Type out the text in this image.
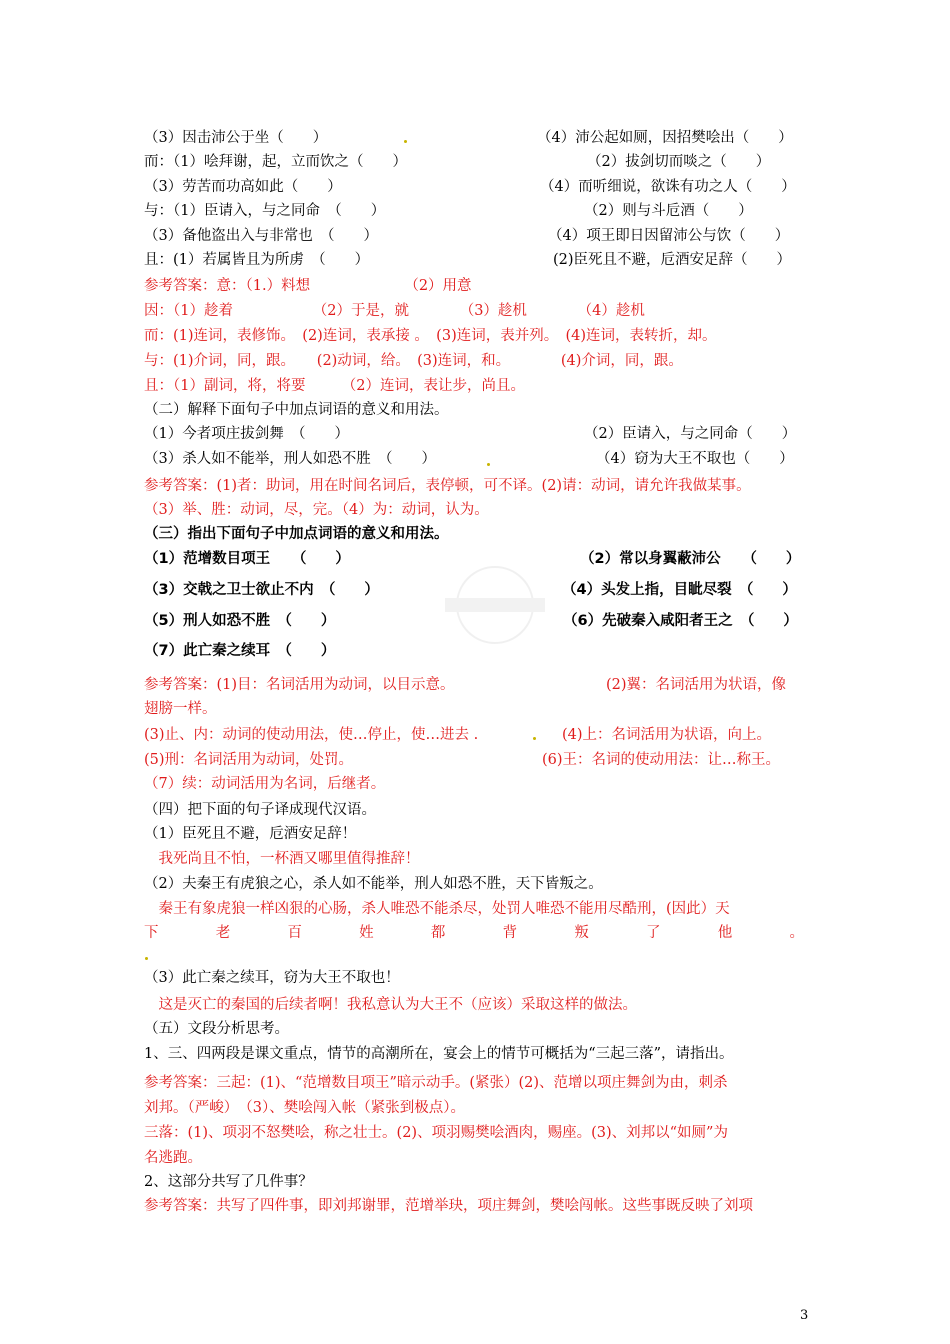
（3）因击沛公于坐（　　）	（4）沛公起如厕，因招樊哙出（　　）
而：（1）哙拜谢，起，立而饮之（　　）	（2）拔剑切而啖之（　　）
（3）劳苦而功高如此（　　）	（4）而听细说，欲诛有功之人（　　）
与：（1）臣请入，与之同命　（　　）	（2）则与斗卮酒（　　）
（3）备他盗出入与非常也　（　　）	（4）项王即日因留沛公与饮（　　）
且：(1）若属皆且为所虏　（　　）	(2)臣死且不避，卮酒安足辞（　　）
参考答案：意：（1.）料想　　　　　　　（2）用意
因：（1）趁着　　　　　　（2）于是，就　　　　（3）趁机　　　　（4）趁机
而：(1)连词，表修饰。　(2)连词，表承接 。　(3)连词，表并列。　(4)连词，表转折，却。
与：(1)介词，同，跟。　　(2)动词，给。　(3)连词，和。　　　　(4)介词，同，跟。
且：（1）副词，将，将要　　　（2）连词，表让步，尚且。
（二）解释下面句子中加点词语的意义和用法。
（1）今者项庄拔剑舞　（　　）	（2）臣请入，与之同命（　　）
（3）杀人如不能举，刑人如恐不胜　（　　）	（4）窃为大王不取也（　　）
参考答案：(1)者：助词，用在时间名词后，表停顿，可不译。(2)请：动词，请允许我做某事。
（3）举、胜：动词，尽，完。（4）为：动词，认为。
（三）指出下面句子中加点词语的意义和用法。
（1）范增数目项王　　（　　）	（2）常以身翼蔽沛公　　（　　）
（3）交戟之卫士欲止不内　（　　）	（4）头发上指，目眦尽裂　（　　）
（5）刑人如恐不胜　（　　）	（6）先破秦入咸阳者王之　（　　）
（7）此亡秦之续耳　（　　）
参考答案：(1)目：名词活用为动词，以目示意。	(2)翼：名词活用为状语，像
翅膀一样。
(3)止、内：动词的使动用法，使…停止，使…进去 .	(4)上：名词活用为状语，向上。
(5)刑：名词活用为动词，处罚。	(6)王：名词的使动用法：让…称王。
（7）续：动词活用为名词，后继者。
（四）把下面的句子译成现代汉语。
（1）臣死且不避，卮酒安足辞！
　我死尚且不怕，一杯酒又哪里值得推辞！
（2）夫秦王有虎狼之心，杀人如不能举，刑人如恐不胜，天下皆叛之。
　秦王有象虎狼一样凶狠的心肠，杀人唯恐不能杀尽，处罚人唯恐不能用尽酷刑，(因此）天
下	老	百	姓	都	背	叛	了	他	。
（3）此亡秦之续耳，窃为大王不取也！
　这是灭亡的秦国的后续者啊！我私意认为大王不（应该）采取这样的做法。
（五）文段分析思考。
1、三、四两段是课文重点，情节的高潮所在，宴会上的情节可概括为“三起三落”，请指出。
参考答案：三起：(1)、“范增数目项王”暗示动手。(紧张）(2)、范增以项庄舞剑为由，刺杀
刘邦。（严峻）　（3）、樊哙闯入帐（紧张到极点）。
三落：(1)、项羽不怒樊哙，称之壮士。(2)、项羽赐樊哙酒肉，赐座。(3)、刘邦以“如厕”为
名逃跑。
2、这部分共写了几件事？
参考答案：共写了四件事，即刘邦谢罪，范增举玦，项庄舞剑，樊哙闯帐。这些事既反映了刘项
3
